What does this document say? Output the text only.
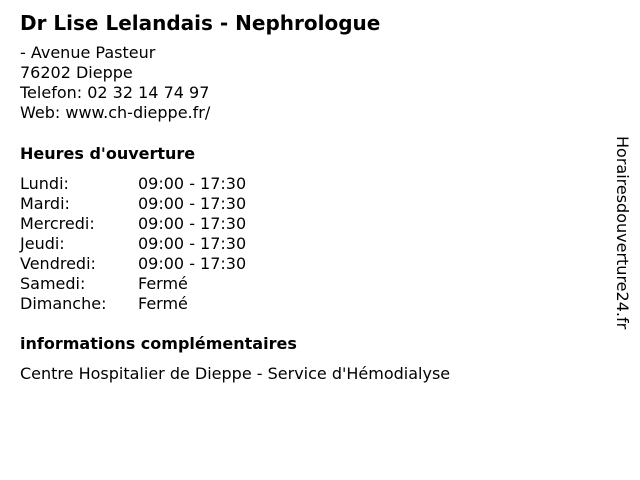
Dr Lise Lelandais - Nephrologue
- Avenue Pasteur
76202 Dieppe
Telefon: 02 32 14 74 97
Web: www.ch-dieppe.fr/
Heures d'ouverture
Lundi:	09:00 - 17:30
Mardi:	09:00 - 17:30
Mercredi:	09:00 - 17:30
Jeudi:	09:00 - 17:30
Vendredi:	09:00 - 17:30
Samedi:	Fermé
Dimanche:	Fermé
informations complémentaires
Centre Hospitalier de Dieppe - Service d'Hémodialyse
Horairesdouverture24.fr
